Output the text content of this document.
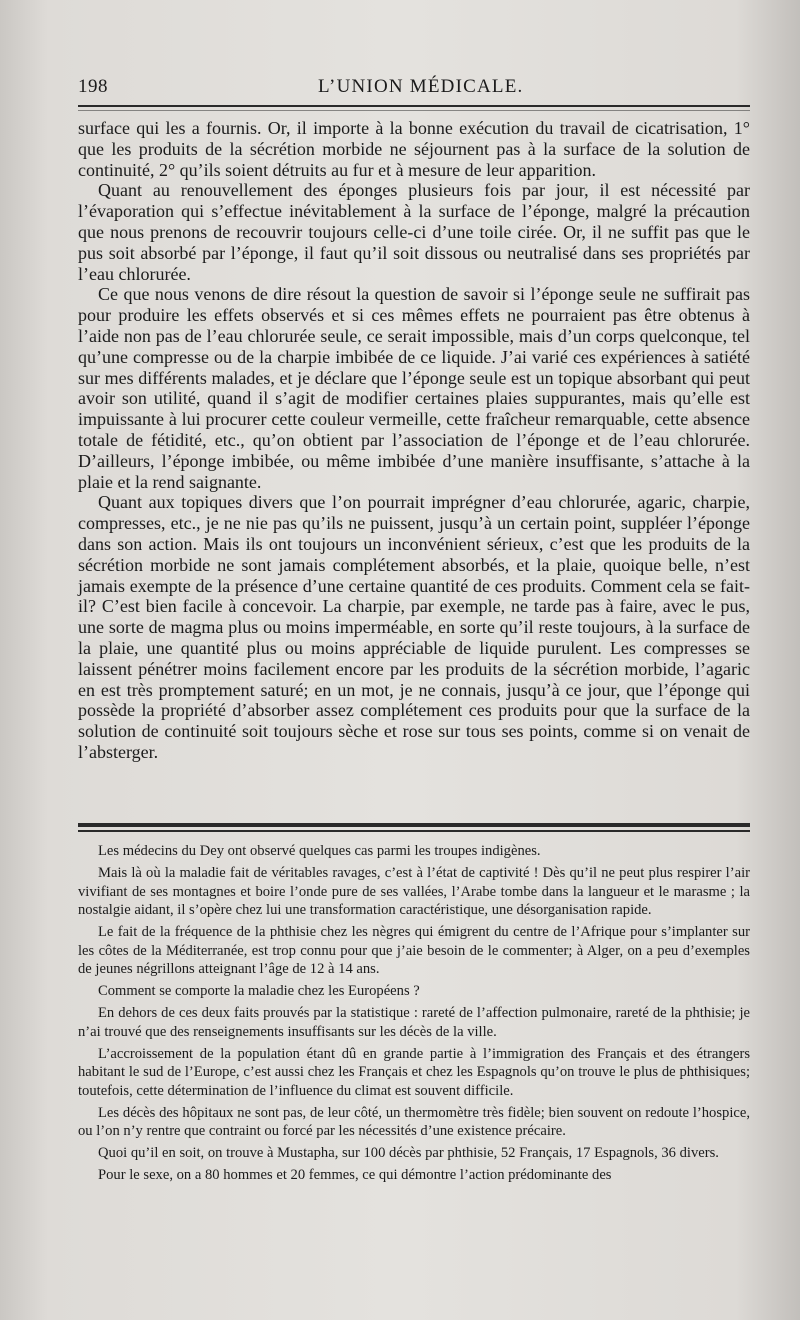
198	L’UNION MÉDICALE.

surface qui les a fournis. Or, il importe à la bonne exécution du travail de cicatrisation, 1° que les produits de la sécrétion morbide ne séjournent pas à la surface de la solution de continuité, 2° qu’ils soient détruits au fur et à mesure de leur apparition.

Quant au renouvellement des éponges plusieurs fois par jour, il est nécessité par l’évaporation qui s’effectue inévitablement à la surface de l’éponge, malgré la précaution que nous prenons de recouvrir toujours celle-ci d’une toile cirée. Or, il ne suffit pas que le pus soit absorbé par l’éponge, il faut qu’il soit dissous ou neutralisé dans ses propriétés par l’eau chlorurée.

Ce que nous venons de dire résout la question de savoir si l’éponge seule ne suffirait pas pour produire les effets observés et si ces mêmes effets ne pourraient pas être obtenus à l’aide non pas de l’eau chlorurée seule, ce serait impossible, mais d’un corps quelconque, tel qu’une compresse ou de la charpie imbibée de ce liquide. J’ai varié ces expériences à satiété sur mes différents malades, et je déclare que l’éponge seule est un topique absorbant qui peut avoir son utilité, quand il s’agit de modifier certaines plaies suppurantes, mais qu’elle est impuissante à lui procurer cette couleur vermeille, cette fraîcheur remarquable, cette absence totale de fétidité, etc., qu’on obtient par l’association de l’éponge et de l’eau chlorurée. D’ailleurs, l’éponge imbibée, ou même imbibée d’une manière insuffisante, s’attache à la plaie et la rend saignante.

Quant aux topiques divers que l’on pourrait imprégner d’eau chlorurée, agaric, charpie, compresses, etc., je ne nie pas qu’ils ne puissent, jusqu’à un certain point, suppléer l’éponge dans son action. Mais ils ont toujours un inconvénient sérieux, c’est que les produits de la sécrétion morbide ne sont jamais complétement absorbés, et la plaie, quoique belle, n’est jamais exempte de la présence d’une certaine quantité de ces produits. Comment cela se fait-il? C’est bien facile à concevoir. La charpie, par exemple, ne tarde pas à faire, avec le pus, une sorte de magma plus ou moins imperméable, en sorte qu’il reste toujours, à la surface de la plaie, une quantité plus ou moins appréciable de liquide purulent. Les compresses se laissent pénétrer moins facilement encore par les produits de la sécrétion morbide, l’agaric en est très promptement saturé; en un mot, je ne connais, jusqu’à ce jour, que l’éponge qui possède la propriété d’absorber assez complétement ces produits pour que la surface de la solution de continuité soit toujours sèche et rose sur tous ses points, comme si on venait de l’absterger.

Les médecins du Dey ont observé quelques cas parmi les troupes indigènes.

Mais là où la maladie fait de véritables ravages, c’est à l’état de captivité ! Dès qu’il ne peut plus respirer l’air vivifiant de ses montagnes et boire l’onde pure de ses vallées, l’Arabe tombe dans la langueur et le marasme ; la nostalgie aidant, il s’opère chez lui une transformation caractéristique, une désorganisation rapide.

Le fait de la fréquence de la phthisie chez les nègres qui émigrent du centre de l’Afrique pour s’implanter sur les côtes de la Méditerranée, est trop connu pour que j’aie besoin de le commenter; à Alger, on a peu d’exemples de jeunes négrillons atteignant l’âge de 12 à 14 ans.

Comment se comporte la maladie chez les Européens ?

En dehors de ces deux faits prouvés par la statistique : rareté de l’affection pulmonaire, rareté de la phthisie; je n’ai trouvé que des renseignements insuffisants sur les décès de la ville.

L’accroissement de la population étant dû en grande partie à l’immigration des Français et des étrangers habitant le sud de l’Europe, c’est aussi chez les Français et chez les Espagnols qu’on trouve le plus de phthisiques; toutefois, cette détermination de l’influence du climat est souvent difficile.

Les décès des hôpitaux ne sont pas, de leur côté, un thermomètre très fidèle; bien souvent on redoute l’hospice, ou l’on n’y rentre que contraint ou forcé par les nécessités d’une existence précaire.

Quoi qu’il en soit, on trouve à Mustapha, sur 100 décès par phthisie, 52 Français, 17 Espagnols, 36 divers.

Pour le sexe, on a 80 hommes et 20 femmes, ce qui démontre l’action prédominante des
